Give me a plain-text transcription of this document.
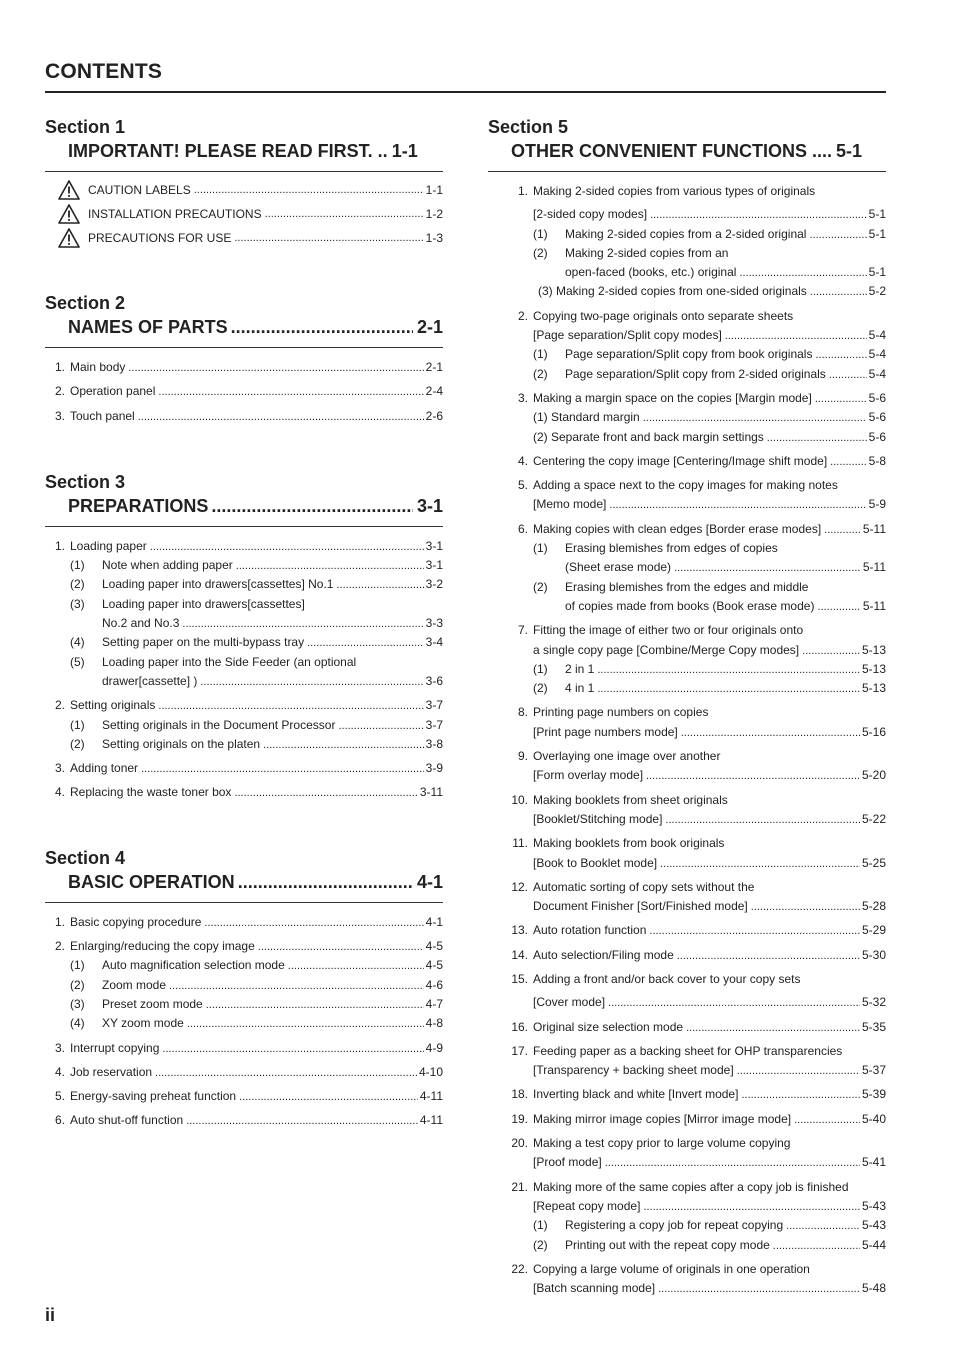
CONTENTS
Section 1
IMPORTANT! PLEASE READ FIRST. .. 1-1
CAUTION LABELS .....	1-1
INSTALLATION PRECAUTIONS .....	1-2
PRECAUTIONS FOR USE .....	1-3
Section 2
NAMES OF PARTS .....	2-1
1. Main body .....	2-1
2. Operation panel .....	2-4
3. Touch panel .....	2-6
Section 3
PREPARATIONS .....	3-1
1. Loading paper .....	3-1
(1) Note when adding paper .....	3-1
(2) Loading paper into drawers[cassettes] No.1 .....	3-2
(3) Loading paper into drawers[cassettes]
No.2 and No.3 .....	3-3
(4) Setting paper on the multi-bypass tray .....	3-4
(5) Loading paper into the Side Feeder (an optional
drawer[cassette] ) .....	3-6
2. Setting originals .....	3-7
(1) Setting originals in the Document Processor .....	3-7
(2) Setting originals on the platen .....	3-8
3. Adding toner .....	3-9
4. Replacing the waste toner box .....	3-11
Section 4
BASIC OPERATION .....	4-1
1. Basic copying procedure .....	4-1
2. Enlarging/reducing the copy image .....	4-5
(1) Auto magnification selection mode .....	4-5
(2) Zoom mode .....	4-6
(3) Preset zoom mode .....	4-7
(4) XY zoom mode .....	4-8
3. Interrupt copying .....	4-9
4. Job reservation .....	4-10
5. Energy-saving preheat function .....	4-11
6. Auto shut-off function .....	4-11
Section 5
OTHER CONVENIENT FUNCTIONS .... 5-1
1. Making 2-sided copies from various types of originals
[2-sided copy modes] .....	5-1
(1) Making 2-sided copies from a 2-sided original .....	5-1
(2) Making 2-sided copies from an
open-faced (books, etc.) original .....	5-1
(3) Making 2-sided copies from one-sided originals .....	5-2
2. Copying two-page originals onto separate sheets
[Page separation/Split copy modes] .....	5-4
(1) Page separation/Split copy from book originals .....	5-4
(2) Page separation/Split copy from 2-sided originals .....	5-4
3. Making a margin space on the copies [Margin mode] .....	5-6
(1) Standard margin .....	5-6
(2) Separate front and back margin settings .....	5-6
4. Centering the copy image [Centering/Image shift mode] .....	5-8
5. Adding a space next to the copy images for making notes
[Memo mode] .....	5-9
6. Making copies with clean edges [Border erase modes] .....	5-11
(1) Erasing blemishes from edges of copies
(Sheet erase mode) .....	5-11
(2) Erasing blemishes from the edges and middle
of copies made from books (Book erase mode) .....	5-11
7. Fitting the image of either two or four originals onto
a single copy page [Combine/Merge Copy modes] .....	5-13
(1) 2 in 1 .....	5-13
(2) 4 in 1 .....	5-13
8. Printing page numbers on copies
[Print page numbers mode] .....	5-16
9. Overlaying one image over another
[Form overlay mode] .....	5-20
10. Making booklets from sheet originals
[Booklet/Stitching mode] .....	5-22
11. Making booklets from book originals
[Book to Booklet mode] .....	5-25
12. Automatic sorting of copy sets without the
Document Finisher [Sort/Finished mode] .....	5-28
13. Auto rotation function .....	5-29
14. Auto selection/Filing mode .....	5-30
15. Adding a front and/or back cover to your copy sets
[Cover mode] .....	5-32
16. Original size selection mode .....	5-35
17. Feeding paper as a backing sheet for OHP transparencies
[Transparency + backing sheet mode] .....	5-37
18. Inverting black and white [Invert mode] .....	5-39
19. Making mirror image copies [Mirror image mode] .....	5-40
20. Making a test copy prior to large volume copying
[Proof mode] .....	5-41
21. Making more of the same copies after a copy job is finished
[Repeat copy mode] .....	5-43
(1) Registering a copy job for repeat copying .....	5-43
(2) Printing out with the repeat copy mode .....	5-44
22. Copying a large volume of originals in one operation
[Batch scanning mode] .....	5-48
ii
